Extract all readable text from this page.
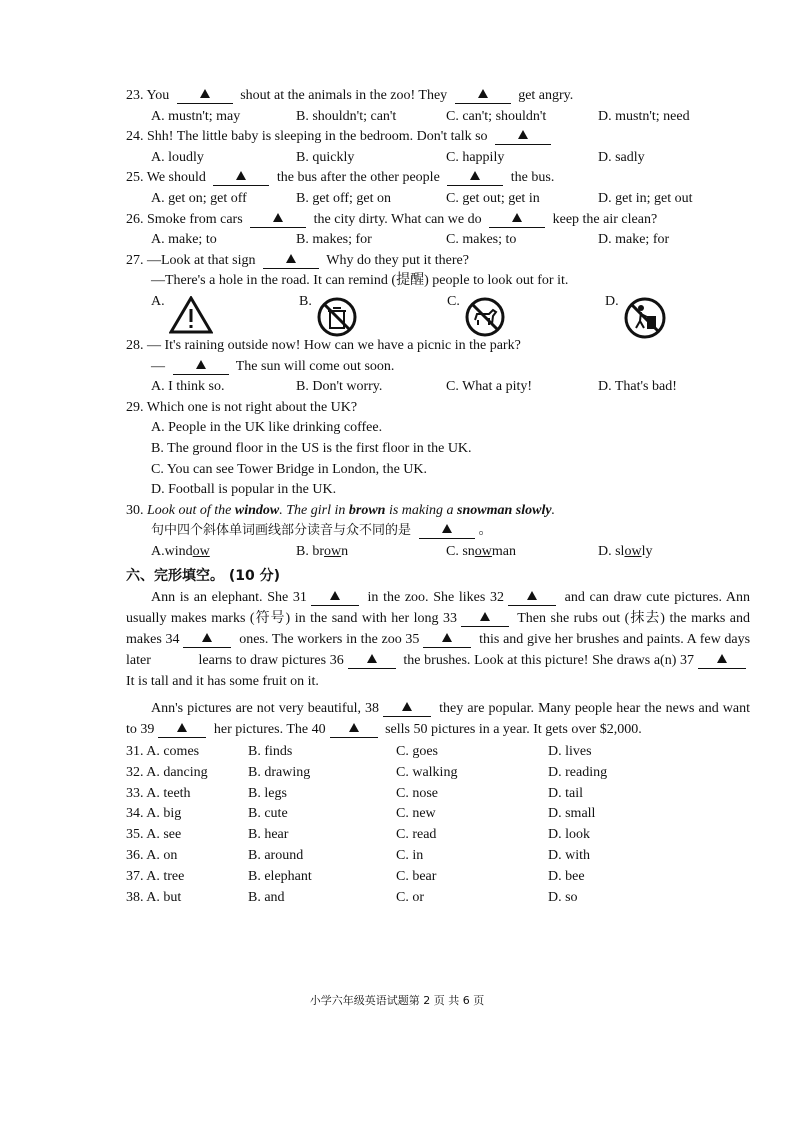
23. You	shout at the animals in the zoo! They	get angry.
A. mustn't; may	B. shouldn't; can't	C. can't; shouldn't	D. mustn't; need
24. Shh! The little baby is sleeping in the bedroom. Don't talk so
A. loudly	B. quickly	C. happily	D. sadly
25. We should	the bus after the other people	the bus.
A. get on; get off	B. get off; get on	C. get out; get in	D. get in; get out
26. Smoke from cars	the city dirty. What can we do	keep the air clean?
A. make; to	B. makes; for	C. makes; to	D. make; for
27. —Look at that sign	Why do they put it there?
—There's a hole in the road. It can remind (提醒) people to look out for it.
A.	B.	C.	D.
28. — It's raining outside now! How can we have a picnic in the park?
—	The sun will come out soon.
A. I think so.	B. Don't worry.	C. What a pity!	D. That's bad!
29. Which one is not right about the UK?
A. People in the UK like drinking coffee.
B. The ground floor in the US is the first floor in the UK.
C. You can see Tower Bridge in London, the UK.
D. Football is popular in the UK.
30. Look out of the window. The girl in brown is making a snowman slowly.
句中四个斜体单词画线部分读音与众不同的是	。
A.window	B. brown	C. snowman	D. slowly
六、完形填空。 (10 分)
Ann is an elephant. She 31	in the zoo. She likes 32	and can draw cute pictures. Ann usually makes marks (符号) in the sand with her long 33	Then she rubs out (抹去) the marks and makes 34	ones. The workers in the zoo 35	this and give her brushes and paints. A few days later	learns to draw pictures 36	the brushes. Look at this picture! She draws a(n) 37 It is tall and it has some fruit on it.
Ann's pictures are not very beautiful, 38	they are popular. Many people hear the news and want to 39	her pictures. The 40	sells 50 pictures in a year. It gets over $2,000.
31. A. comes	B. finds	C. goes	D. lives
32. A. dancing	B. drawing	C. walking	D. reading
33. A. teeth	B. legs	C. nose	D. tail
34. A. big	B. cute	C. new	D. small
35. A. see	B. hear	C. read	D. look
36. A. on	B. around	C. in	D. with
37. A. tree	B. elephant	C. bear	D. bee
38. A. but	B. and	C. or	D. so
小学六年级英语试题第 2 页 共 6 页
